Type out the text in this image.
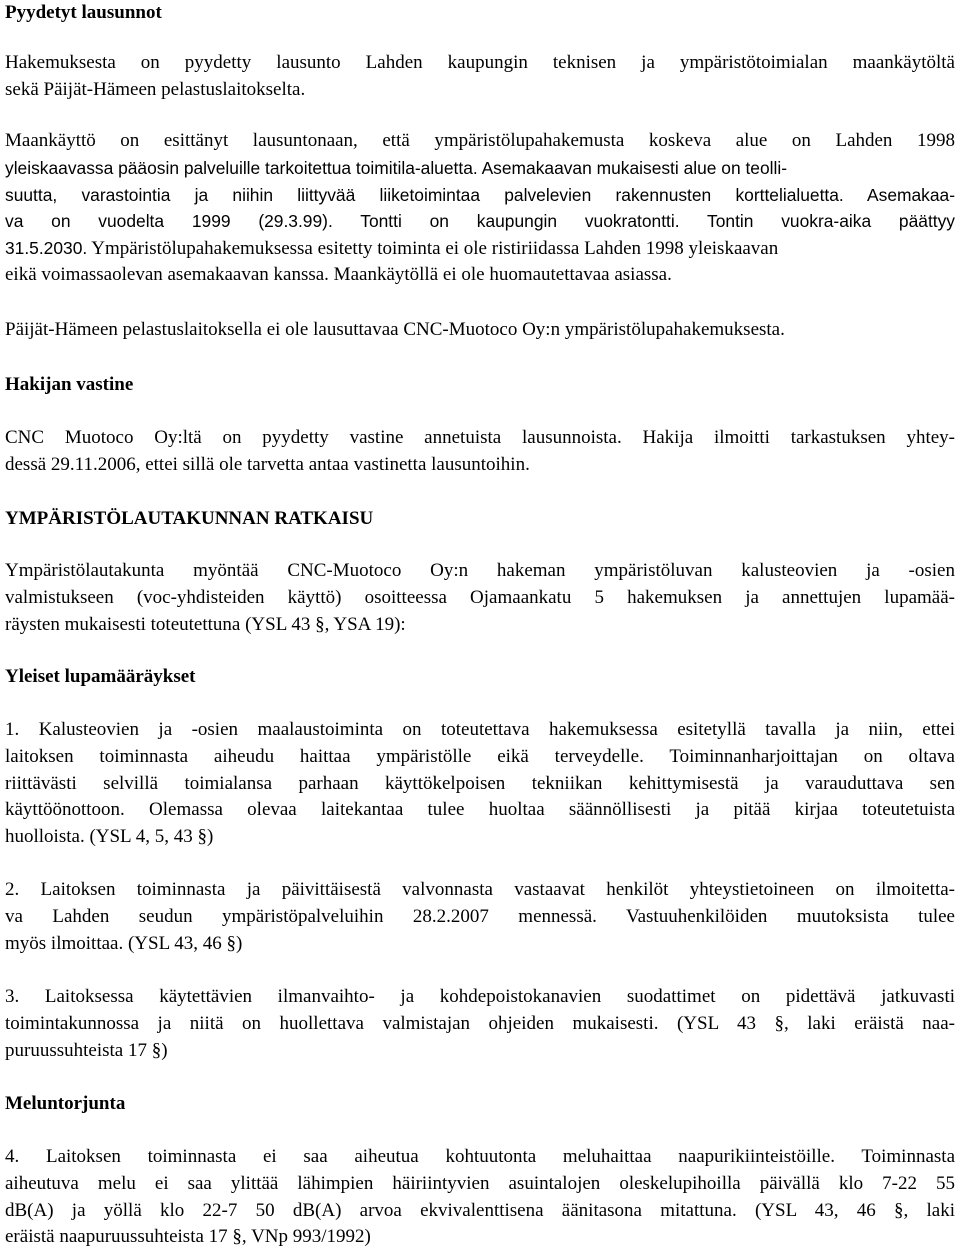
Pyydetyt lausunnot
Hakemuksesta on pyydetty lausunto Lahden kaupungin teknisen ja ympäristötoimialan maankäytöltä
sekä Päijät-Hämeen pelastuslaitokselta.
Maankäyttö on esittänyt lausuntonaan, että ympäristölupahakemusta koskeva alue on Lahden 1998
yleiskaavassa pääosin palveluille tarkoitettua toimitila-aluetta. Asemakaavan mukaisesti alue on teolli-
suutta, varastointia ja niihin liittyvää liiketoimintaa palvelevien rakennusten korttelialuetta. Asemakaa-
va on vuodelta 1999 (29.3.99). Tontti on kaupungin vuokratontti. Tontin vuokra-aika päättyy
31.5.2030. Ympäristölupahakemuksessa esitetty toiminta ei ole ristiriidassa Lahden 1998 yleiskaavan
eikä voimassaolevan asemakaavan kanssa. Maankäytöllä ei ole huomautettavaa asiassa.
Päijät-Hämeen pelastuslaitoksella ei ole lausuttavaa CNC-Muotoco Oy:n ympäristölupahakemuksesta.
Hakijan vastine
CNC Muotoco Oy:ltä on pyydetty vastine annetuista lausunnoista. Hakija ilmoitti tarkastuksen yhtey-
dessä 29.11.2006, ettei sillä ole tarvetta antaa vastinetta lausuntoihin.
YMPÄRISTÖLAUTAKUNNAN RATKAISU
Ympäristölautakunta myöntää CNC-Muotoco Oy:n hakeman ympäristöluvan kalusteovien ja -osien
valmistukseen (voc-yhdisteiden käyttö) osoitteessa Ojamaankatu 5 hakemuksen ja annettujen lupamää-
räysten mukaisesti toteutettuna (YSL 43 §, YSA 19):
Yleiset lupamääräykset
1. Kalusteovien ja -osien maalaustoiminta on toteutettava hakemuksessa esitetyllä tavalla ja niin, ettei
laitoksen toiminnasta aiheudu haittaa ympäristölle eikä terveydelle. Toiminnanharjoittajan on oltava
riittävästi selvillä toimialansa parhaan käyttökelpoisen tekniikan kehittymisestä ja varauduttava sen
käyttöönottoon. Olemassa olevaa laitekantaa tulee huoltaa säännöllisesti ja pitää kirjaa toteutetuista
huolloista. (YSL 4, 5, 43 §)
2. Laitoksen toiminnasta ja päivittäisestä valvonnasta vastaavat henkilöt yhteystietoineen on ilmoitetta-
va Lahden seudun ympäristöpalveluihin 28.2.2007 mennessä. Vastuuhenkilöiden muutoksista tulee
myös ilmoittaa. (YSL 43, 46 §)
3. Laitoksessa käytettävien ilmanvaihto- ja kohdepoistokanavien suodattimet on pidettävä jatkuvasti
toimintakunnossa ja niitä on huollettava valmistajan ohjeiden mukaisesti. (YSL 43 §, laki eräistä naa-
puruussuhteista 17 §)
Meluntorjunta
4. Laitoksen toiminnasta ei saa aiheutua kohtuutonta meluhaittaa naapurikiinteistöille. Toiminnasta
aiheutuva melu ei saa ylittää lähimpien häiriintyvien asuintalojen oleskelupihoilla päivällä klo 7-22 55
dB(A) ja yöllä klo 22-7 50 dB(A) arvoa ekvivalenttisena äänitasona mitattuna. (YSL 43, 46 §, laki
eräistä naapuruussuhteista 17 §, VNp 993/1992)
